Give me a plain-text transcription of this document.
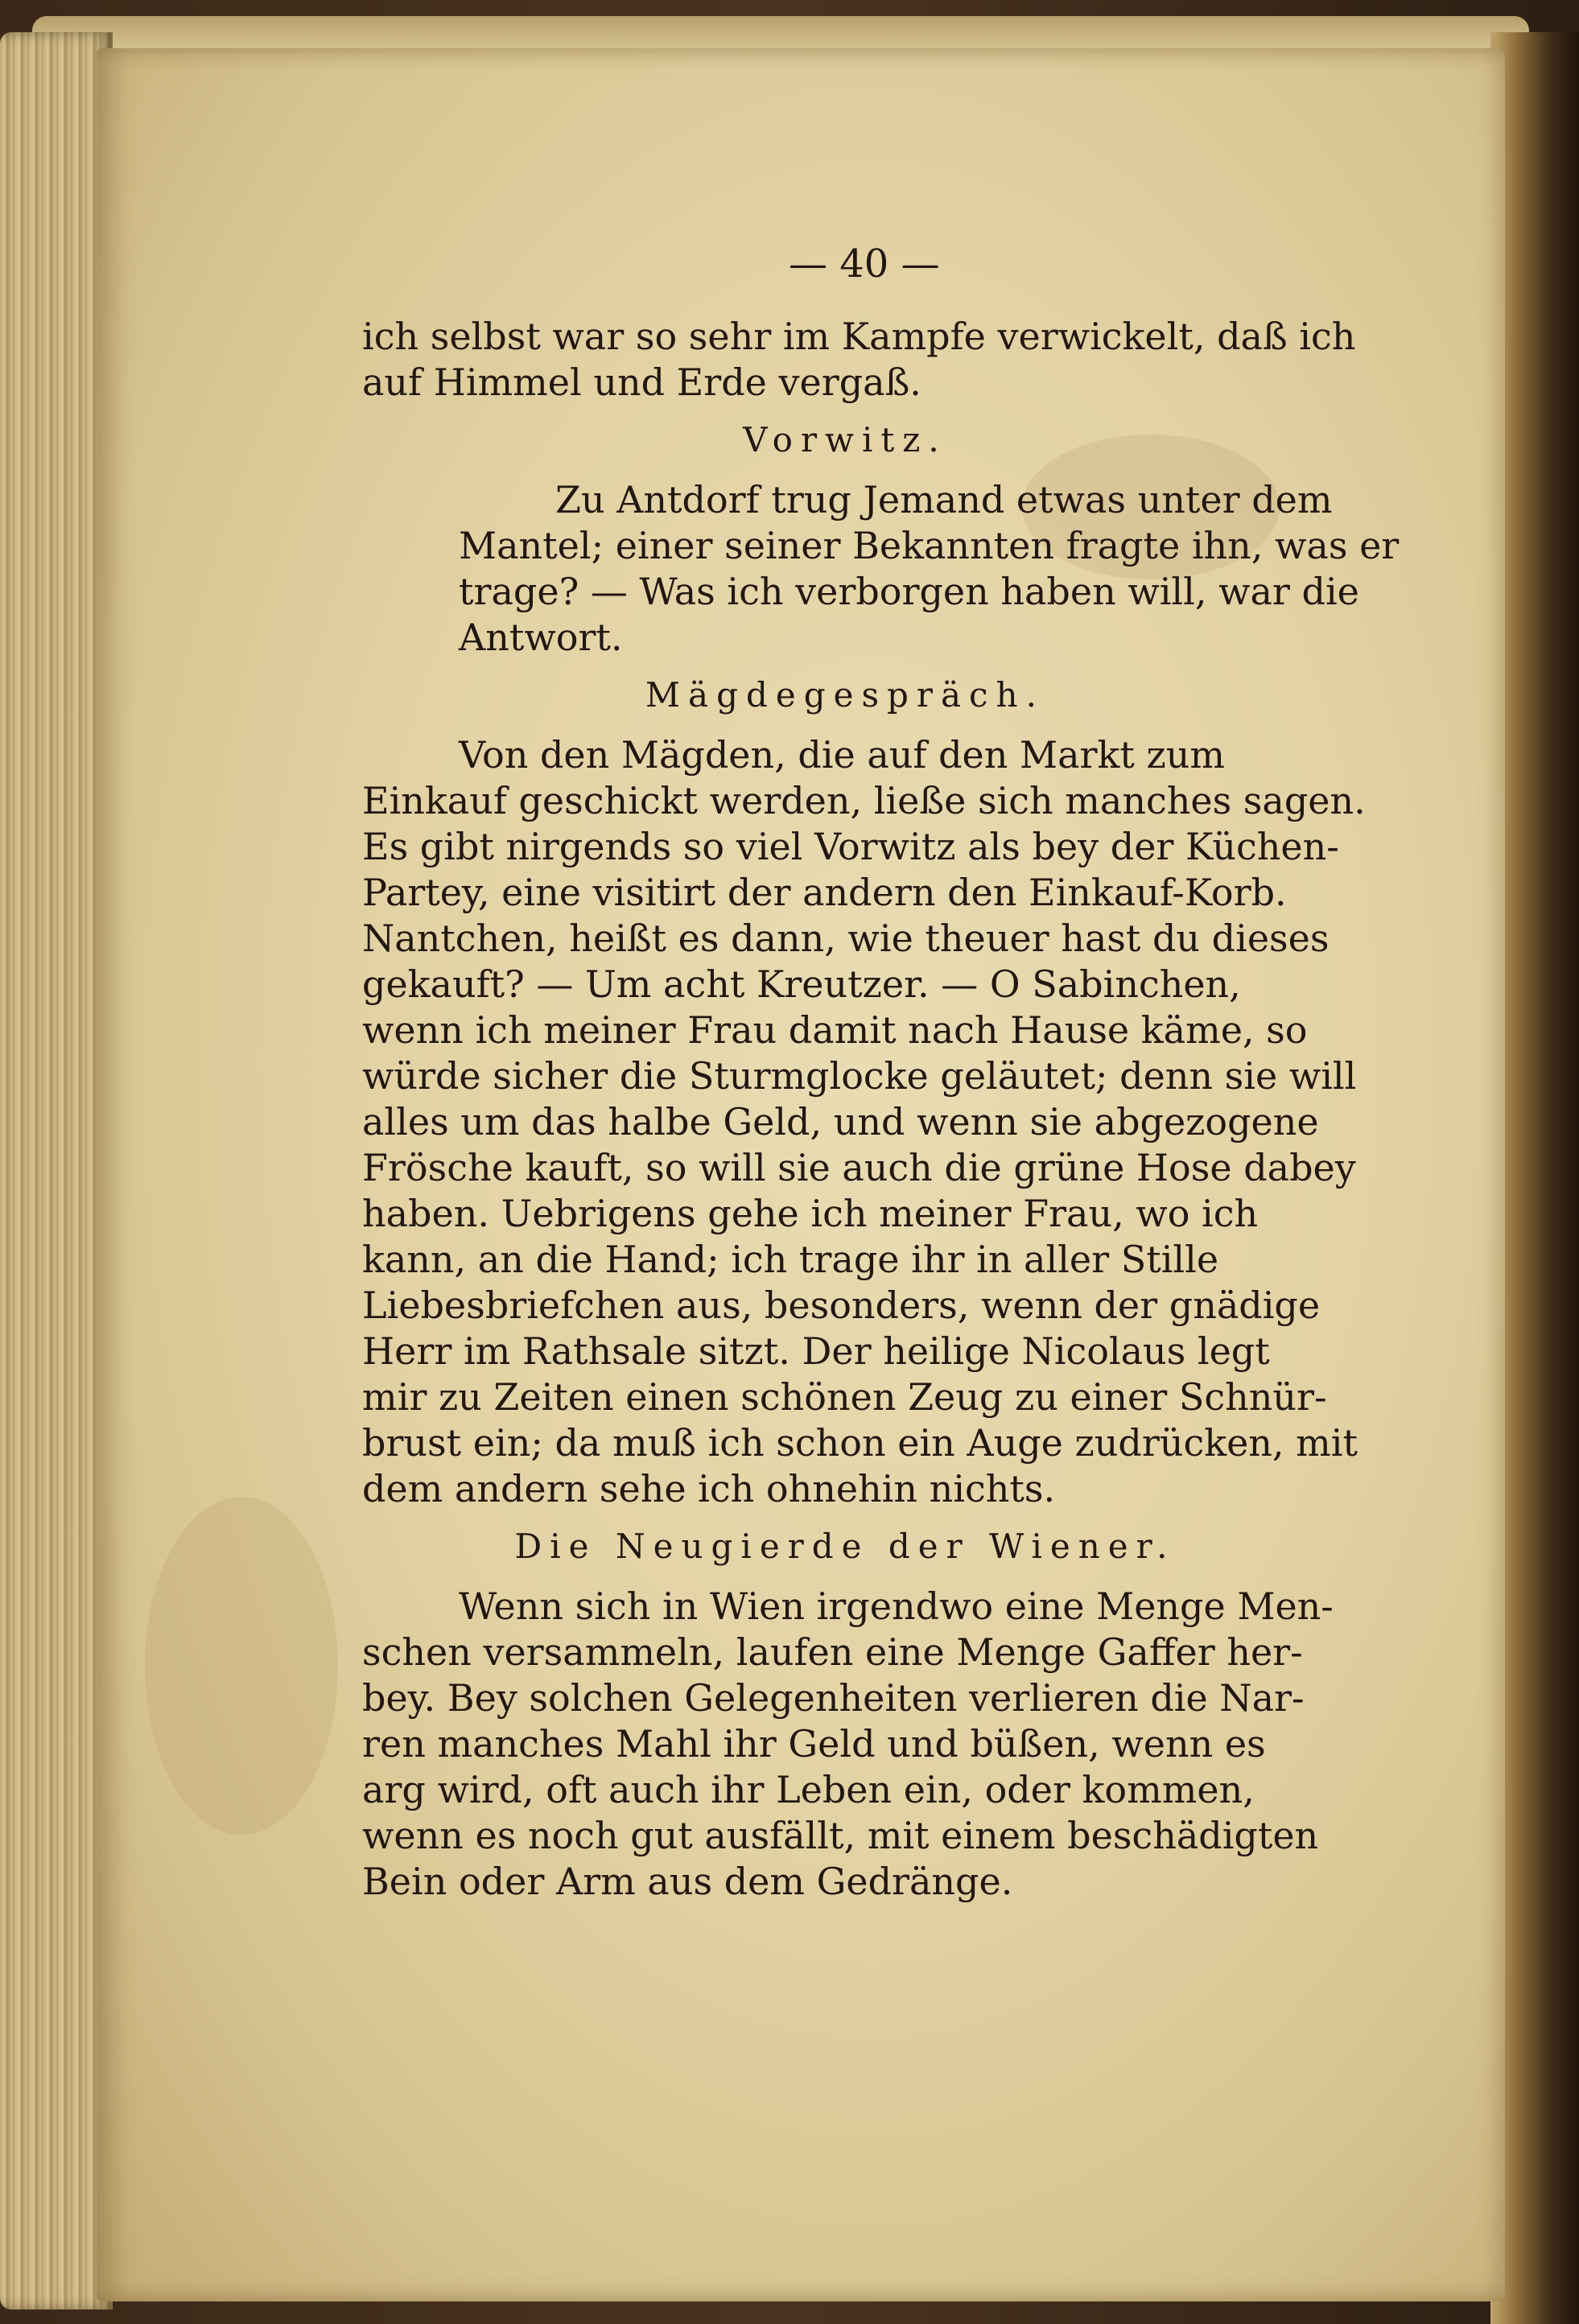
— 40 —

ich selbst war so sehr im Kampfe verwickelt, daß ich
auf Himmel und Erde vergaß.

Vorwitz.

Zu Antdorf trug Jemand etwas unter dem
Mantel; einer seiner Bekannten fragte ihn, was er
trage? — Was ich verborgen haben will, war die
Antwort.

Mägdegespräch.

Von den Mägden, die auf den Markt zum
Einkauf geschickt werden, ließe sich manches sagen.
Es gibt nirgends so viel Vorwitz als bey der Küchen-
Partey, eine visitirt der andern den Einkauf-Korb.
Nantchen, heißt es dann, wie theuer hast du dieses
gekauft? — Um acht Kreutzer. — O Sabinchen,
wenn ich meiner Frau damit nach Hause käme, so
würde sicher die Sturmglocke geläutet; denn sie will
alles um das halbe Geld, und wenn sie abgezogene
Frösche kauft, so will sie auch die grüne Hose dabey
haben. Uebrigens gehe ich meiner Frau, wo ich
kann, an die Hand; ich trage ihr in aller Stille
Liebesbriefchen aus, besonders, wenn der gnädige
Herr im Rathsale sitzt. Der heilige Nicolaus legt
mir zu Zeiten einen schönen Zeug zu einer Schnür-
brust ein; da muß ich schon ein Auge zudrücken, mit
dem andern sehe ich ohnehin nichts.

Die Neugierde der Wiener.

Wenn sich in Wien irgendwo eine Menge Men-
schen versammeln, laufen eine Menge Gaffer her-
bey. Bey solchen Gelegenheiten verlieren die Nar-
ren manches Mahl ihr Geld und büßen, wenn es
arg wird, oft auch ihr Leben ein, oder kommen,
wenn es noch gut ausfällt, mit einem beschädigten
Bein oder Arm aus dem Gedränge.
